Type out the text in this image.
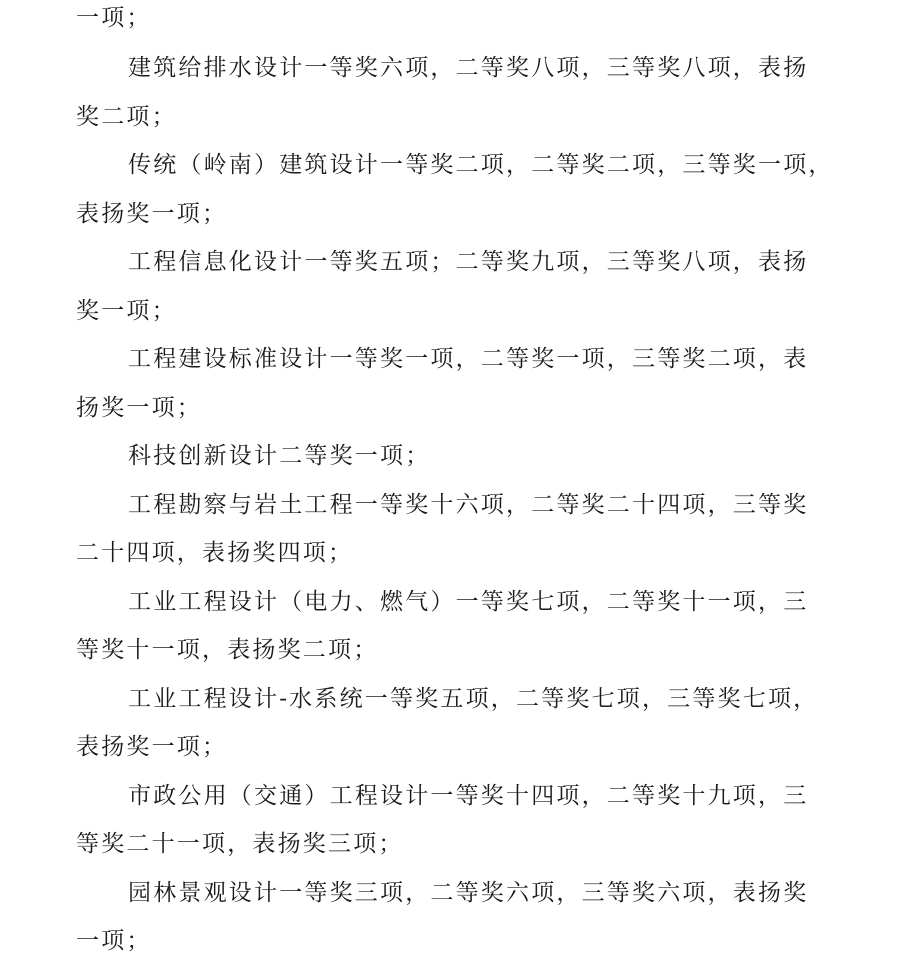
一项；
建筑给排水设计一等奖六项，二等奖八项，三等奖八项，表扬
奖二项；
传统（岭南）建筑设计一等奖二项，二等奖二项，三等奖一项，
表扬奖一项；
工程信息化设计一等奖五项；二等奖九项，三等奖八项，表扬
奖一项；
工程建设标准设计一等奖一项，二等奖一项，三等奖二项，表
扬奖一项；
科技创新设计二等奖一项；
工程勘察与岩土工程一等奖十六项，二等奖二十四项，三等奖
二十四项，表扬奖四项；
工业工程设计（电力、燃气）一等奖七项，二等奖十一项，三
等奖十一项，表扬奖二项；
工业工程设计-水系统一等奖五项，二等奖七项，三等奖七项，
表扬奖一项；
市政公用（交通）工程设计一等奖十四项，二等奖十九项，三
等奖二十一项，表扬奖三项；
园林景观设计一等奖三项，二等奖六项，三等奖六项，表扬奖
一项；
